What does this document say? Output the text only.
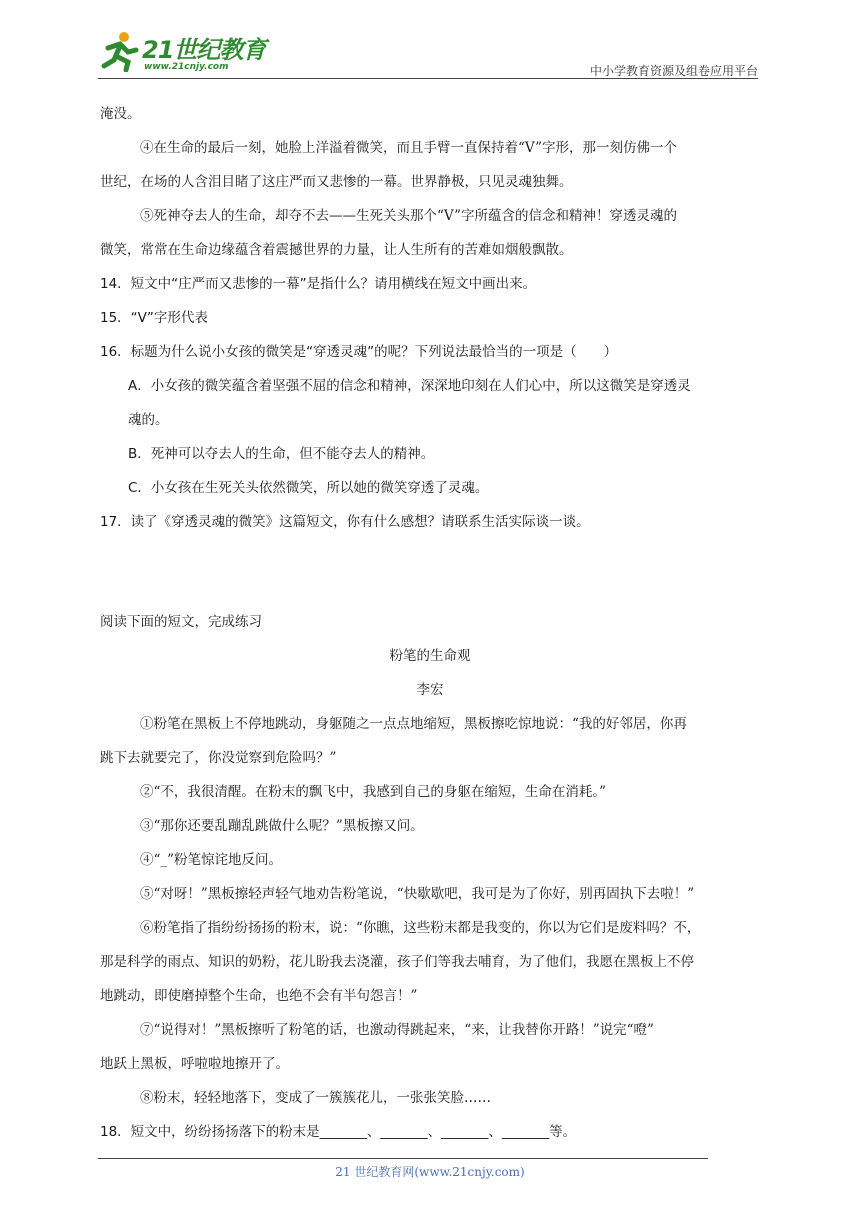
21世纪教育
www.21cnjy.com	中小学教育资源及组卷应用平台
淹没。
④在生命的最后一刻，她脸上洋溢着微笑，而且手臂一直保持着“V”字形，那一刻仿佛一个
世纪，在场的人含泪目睹了这庄严而又悲惨的一幕。世界静极，只见灵魂独舞。
⑤死神夺去人的生命，却夺不去——生死关头那个“V”字所蕴含的信念和精神！穿透灵魂的
微笑，常常在生命边缘蕴含着震撼世界的力量，让人生所有的苦难如烟般飘散。
14．短文中“庄严而又悲惨的一幕”是指什么？请用横线在短文中画出来。
15．“V”字形代表
16．标题为什么说小女孩的微笑是“穿透灵魂”的呢？下列说法最恰当的一项是（　　）
A．小女孩的微笑蕴含着坚强不屈的信念和精神，深深地印刻在人们心中，所以这微笑是穿透灵
魂的。
B．死神可以夺去人的生命，但不能夺去人的精神。
C．小女孩在生死关头依然微笑，所以她的微笑穿透了灵魂。
17．读了《穿透灵魂的微笑》这篇短文，你有什么感想？请联系生活实际谈一谈。
阅读下面的短文，完成练习
粉笔的生命观
李宏
①粉笔在黑板上不停地跳动，身躯随之一点点地缩短，黑板擦吃惊地说：“我的好邻居，你再
跳下去就要完了，你没觉察到危险吗？”
②“不，我很清醒。在粉末的飘飞中，我感到自己的身躯在缩短，生命在消耗。”
③“那你还要乱蹦乱跳做什么呢？”黑板擦又问。
④“_”粉笔惊诧地反问。
⑤“对呀！”黑板擦轻声轻气地劝告粉笔说，“快歇歇吧，我可是为了你好，别再固执下去啦！”
⑥粉笔指了指纷纷扬扬的粉末，说：“你瞧，这些粉末都是我变的，你以为它们是废料吗？不，
那是科学的雨点、知识的奶粉，花儿盼我去浇灌，孩子们等我去哺育，为了他们，我愿在黑板上不停
地跳动，即使磨掉整个生命，也绝不会有半句怨言！”
⑦“说得对！”黑板擦听了粉笔的话，也激动得跳起来，“来，让我替你开路！”说完“噔”
地跃上黑板，呼啦啦地擦开了。
⑧粉末，轻轻地落下，变成了一簇簇花儿，一张张笑脸……
18．短文中，纷纷扬扬落下的粉末是_______、_______、_______、_______等。
21 世纪教育网(www.21cnjy.com)
